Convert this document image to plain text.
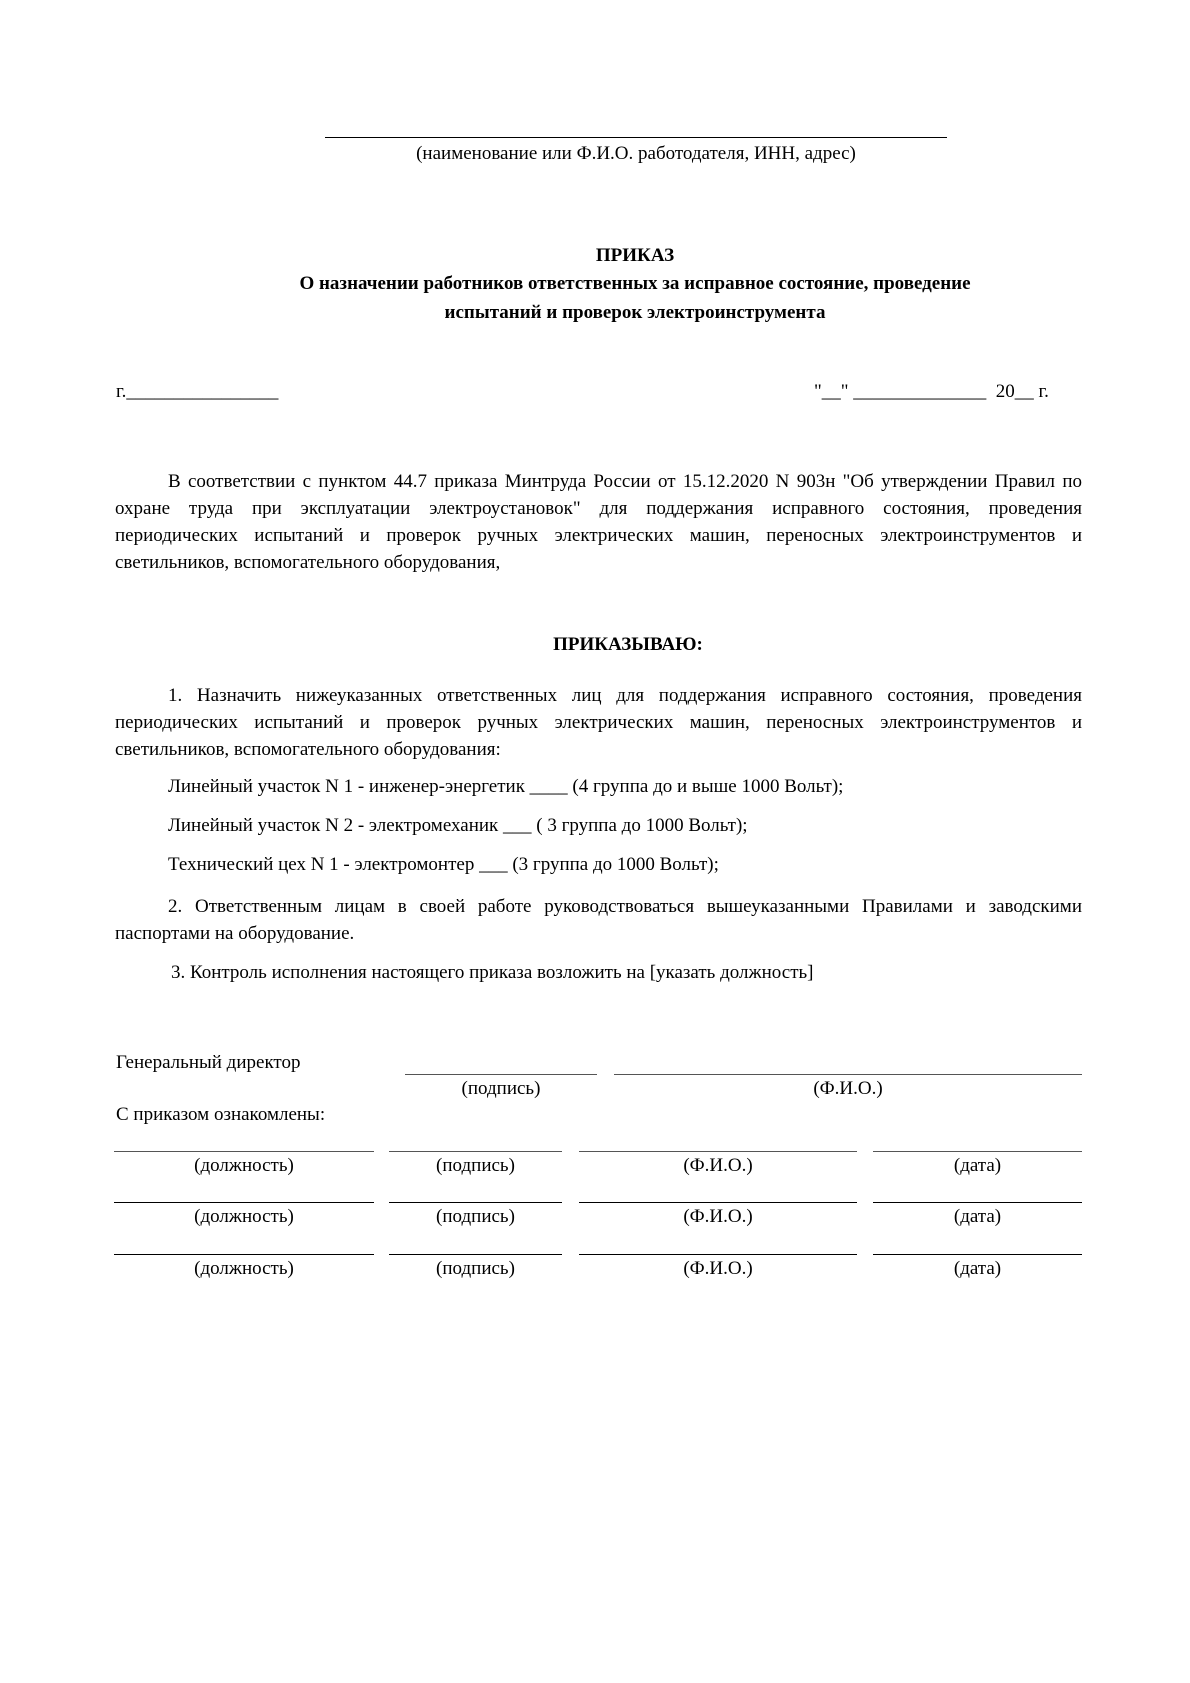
(наименование или Ф.И.О. работодателя, ИНН, адрес)
ПРИКАЗ
О назначении работников ответственных за исправное состояние, проведение
испытаний и проверок электроинструмента
г.________________	"__" ______________  20__ г.
В соответствии с пунктом 44.7 приказа Минтруда России от 15.12.2020 N 903н "Об утверждении Правил по охране труда при эксплуатации электроустановок" для поддержания исправного состояния, проведения периодических испытаний и проверок ручных электрических машин, переносных электроинструментов и светильников, вспомогательного оборудования,
ПРИКАЗЫВАЮ:
1. Назначить нижеуказанных ответственных лиц для поддержания исправного состояния, проведения периодических испытаний и проверок ручных электрических машин, переносных электроинструментов и светильников, вспомогательного оборудования:
Линейный участок N 1 - инженер-энергетик ____ (4 группа до и выше 1000 Вольт);
Линейный участок N 2 - электромеханик ___ ( 3 группа до 1000 Вольт);
Технический цех N 1 - электромонтер ___ (3 группа до 1000 Вольт);
2. Ответственным лицам в своей работе руководствоваться вышеуказанными Правилами и заводскими паспортами на оборудование.
3. Контроль исполнения настоящего приказа возложить на [указать должность]
Генеральный директор
(подпись)	(Ф.И.О.)
С приказом ознакомлены:
(должность)	(подпись)	(Ф.И.О.)	(дата)
(должность)	(подпись)	(Ф.И.О.)	(дата)
(должность)	(подпись)	(Ф.И.О.)	(дата)
